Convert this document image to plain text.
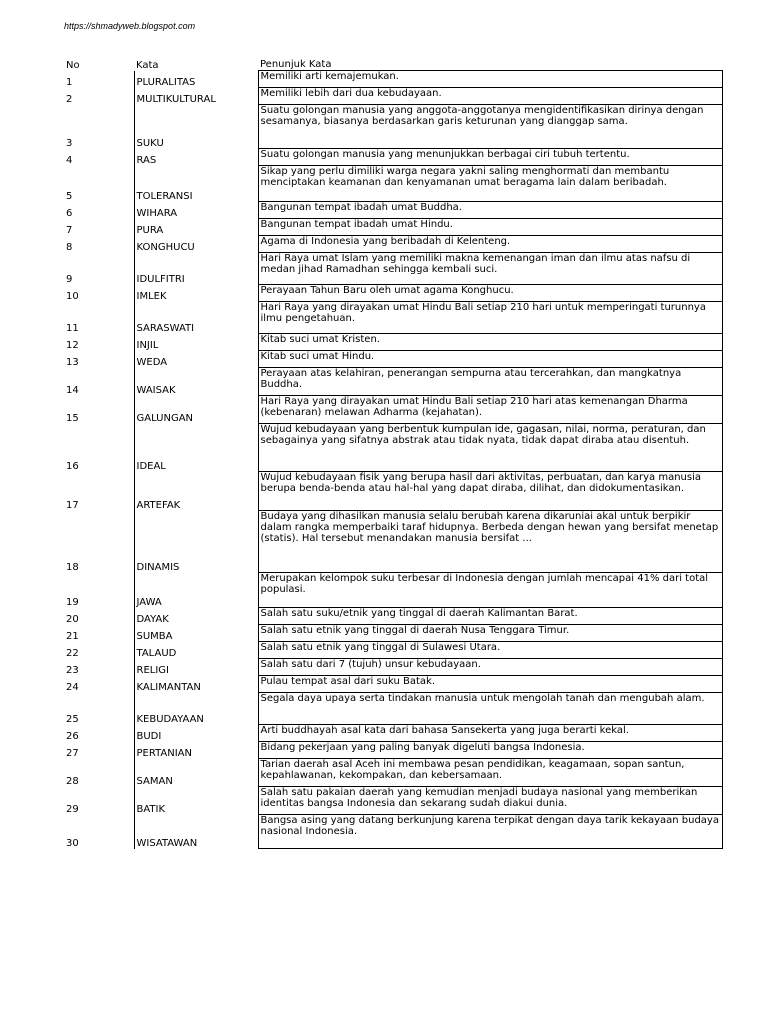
https://shmadyweb.blogspot.com
No	Kata	Penunjuk Kata
1	PLURALITAS	Memiliki arti kemajemukan.
2	MULTIKULTURAL	Memiliki lebih dari dua kebudayaan.
3	SUKU	Suatu golongan manusia yang anggota-anggotanya mengidentifikasikan dirinya dengan sesamanya, biasanya berdasarkan garis keturunan yang dianggap sama.
4	RAS	Suatu golongan manusia yang menunjukkan berbagai ciri tubuh tertentu.
5	TOLERANSI	Sikap yang perlu dimiliki warga negara yakni saling menghormati dan membantu menciptakan keamanan dan kenyamanan umat beragama lain dalam beribadah.
6	WIHARA	Bangunan tempat ibadah umat Buddha.
7	PURA	Bangunan tempat ibadah umat Hindu.
8	KONGHUCU	Agama di Indonesia yang beribadah di Kelenteng.
9	IDULFITRI	Hari Raya umat Islam yang memiliki makna kemenangan iman dan ilmu atas nafsu di medan jihad Ramadhan sehingga kembali suci.
10	IMLEK	Perayaan Tahun Baru oleh umat agama Konghucu.
11	SARASWATI	Hari Raya yang dirayakan umat Hindu Bali setiap 210 hari untuk memperingati turunnya ilmu pengetahuan.
12	INJIL	Kitab suci umat Kristen.
13	WEDA	Kitab suci umat Hindu.
14	WAISAK	Perayaan atas kelahiran, penerangan sempurna atau tercerahkan, dan mangkatnya Buddha.
15	GALUNGAN	Hari Raya yang dirayakan umat Hindu Bali setiap 210 hari atas kemenangan Dharma (kebenaran) melawan Adharma (kejahatan).
16	IDEAL	Wujud kebudayaan yang berbentuk kumpulan ide, gagasan, nilai, norma, peraturan, dan sebagainya yang sifatnya abstrak atau tidak nyata, tidak dapat diraba atau disentuh.
17	ARTEFAK	Wujud kebudayaan fisik yang berupa hasil dari aktivitas, perbuatan, dan karya manusia berupa benda-benda atau hal-hal yang dapat diraba, dilihat, dan didokumentasikan.
18	DINAMIS	Budaya yang dihasilkan manusia selalu berubah karena dikaruniai akal untuk berpikir dalam rangka memperbaiki taraf hidupnya. Berbeda dengan hewan yang bersifat menetap (statis). Hal tersebut menandakan manusia bersifat ...
19	JAWA	Merupakan kelompok suku terbesar di Indonesia dengan jumlah mencapai 41% dari total populasi.
20	DAYAK	Salah satu suku/etnik yang tinggal di daerah Kalimantan Barat.
21	SUMBA	Salah satu etnik yang tinggal di daerah Nusa Tenggara Timur.
22	TALAUD	Salah satu etnik yang tinggal di Sulawesi Utara.
23	RELIGI	Salah satu dari 7 (tujuh) unsur kebudayaan.
24	KALIMANTAN	Pulau tempat asal dari suku Batak.
25	KEBUDAYAAN	Segala daya upaya serta tindakan manusia untuk mengolah tanah dan mengubah alam.
26	BUDI	Arti buddhayah asal kata dari bahasa Sansekerta yang juga berarti kekal.
27	PERTANIAN	Bidang pekerjaan yang paling banyak digeluti bangsa Indonesia.
28	SAMAN	Tarian daerah asal Aceh ini membawa pesan pendidikan, keagamaan, sopan santun, kepahlawanan, kekompakan, dan kebersamaan.
29	BATIK	Salah satu pakaian daerah yang kemudian menjadi budaya nasional yang memberikan identitas bangsa Indonesia dan sekarang sudah diakui dunia.
30	WISATAWAN	Bangsa asing yang datang berkunjung karena terpikat dengan daya tarik kekayaan budaya nasional Indonesia.
